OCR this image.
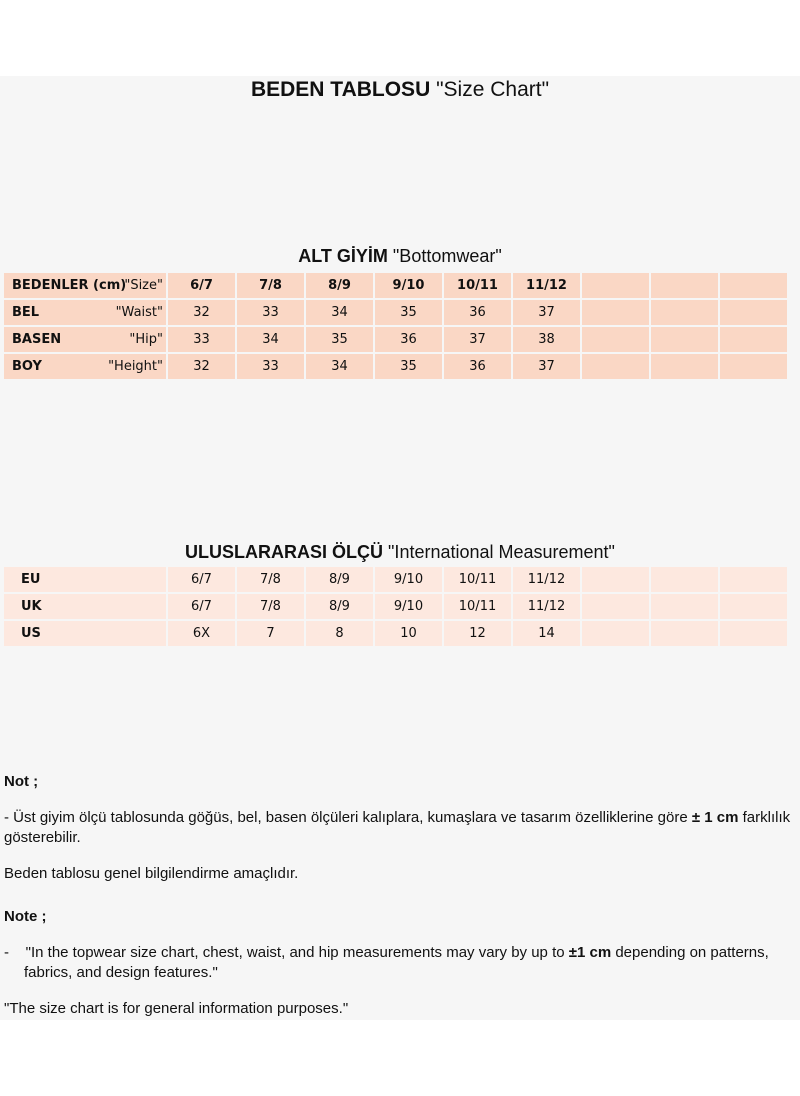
BEDEN TABLOSU "Size Chart"
ALT GİYİM "Bottomwear"
BEDENLER (cm)
"Size"	6/7	7/8	8/9	9/10	10/11	11/12			

BEL "Waist"	32	33	34	35	36	37			

BASEN "Hip"	33	34	35	36	37	38			

BOY "Height"	32	33	34	35	36	37			
ULUSLARARASI ÖLÇÜ "International Measurement"
EU	6/7	7/8	8/9	9/10	10/11	11/12			
UK	6/7	7/8	8/9	9/10	10/11	11/12			
US	6X	7	8	10	12	14			
Not ;
- Üst giyim ölçü tablosunda göğüs, bel, basen ölçüleri kalıplara, kumaşlara ve tasarım özelliklerine göre ± 1 cm farklılık gösterebilir.
Beden tablosu genel bilgilendirme amaçlıdır.
Note ;
-    "In the topwear size chart, chest, waist, and hip measurements may vary by up to ±1 cm depending on patterns, fabrics, and design features."
"The size chart is for general information purposes."
